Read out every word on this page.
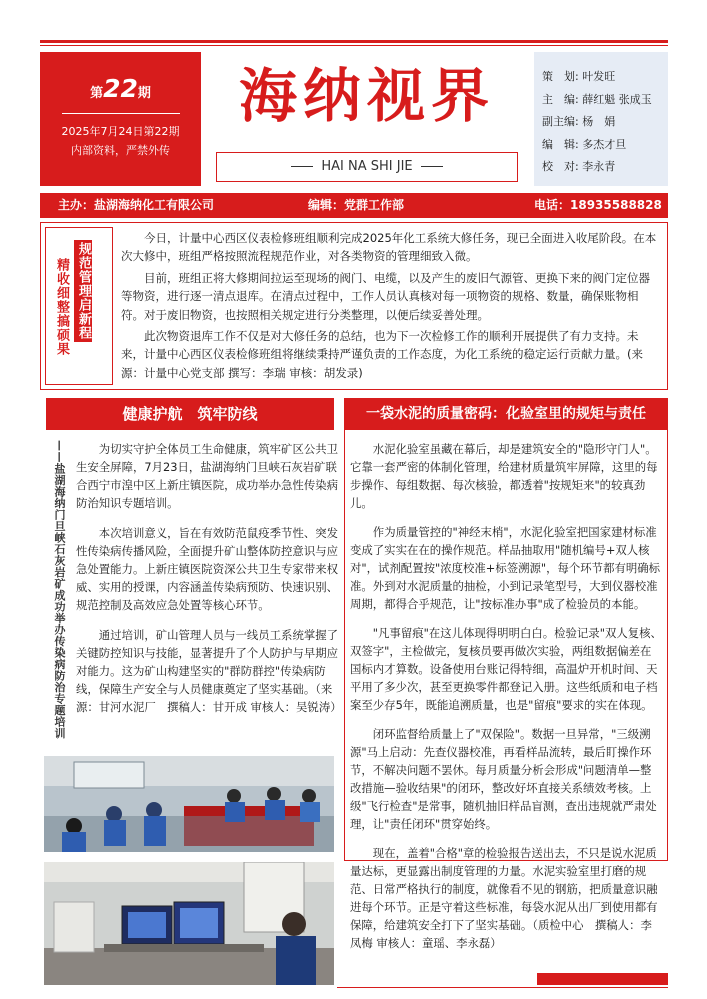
第22期
2025年7月24日第22期
内部资料，严禁外传
海纳视界
HAI NA SHI JIE
策　划: 叶发旺
主　编: 薛红魁 张成玉
副主编: 杨　娟
编　辑: 多杰才旦
校　对: 李永青
主办：盐湖海纳化工有限公司	编辑：党群工作部	电话：18935588828
精收细整搞硕果 规范管理启新程

今日，计量中心西区仪表检修班组顺利完成2025年化工系统大修任务，现已全面进入收尾阶段。在本次大修中，班组严格按照流程规范作业，对各类物资的管理细致入微。

目前，班组正将大修期间拉运至现场的阀门、电缆，以及产生的废旧气源管、更换下来的阀门定位器等物资，进行逐一清点退库。在清点过程中，工作人员认真核对每一项物资的规格、数量，确保账物相符。对于废旧物资，也按照相关规定进行分类整理，以便后续妥善处理。

此次物资退库工作不仅是对大修任务的总结，也为下一次检修工作的顺利开展提供了有力支持。未来，计量中心西区仪表检修班组将继续秉持严谨负责的工作态度，为化工系统的稳定运行贡献力量。(来源：计量中心党支部 撰写：李瑞 审核：胡发录)

健康护航　筑牢防线	一袋水泥的质量密码：化验室里的规矩与责任
——盐湖海纳门旦峡石灰岩矿成功举办传染病防治专题培训	为切实守护全体员工生命健康，筑牢矿区公共卫生安全屏障，7月23日，盐湖海纳门旦峡石灰岩矿联合西宁市湟中区上新庄镇医院，成功举办急性传染病防治知识专题培训。

本次培训意义，旨在有效防范鼠疫季节性、突发性传染病传播风险，全面提升矿山整体防控意识与应急处置能力。上新庄镇医院资深公共卫生专家带来权威、实用的授课，内容涵盖传染病预防、快速识别、规范控制及高效应急处置等核心环节。

通过培训，矿山管理人员与一线员工系统掌握了关键防控知识与技能，显著提升了个人防护与早期应对能力。这为矿山构建坚实的"群防群控"传染病防线，保障生产安全与人员健康奠定了坚实基础。（来源：甘河水泥厂　撰稿人：甘开成 审核人：吴锐涛）

水泥化验室虽藏在幕后，却是建筑安全的"隐形守门人"。它靠一套严密的体制化管理，给建材质量筑牢屏障，这里的每步操作、每组数据、每次核验，都透着"按规矩来"的较真劲儿。

作为质量管控的"神经末梢"，水泥化验室把国家建材标准变成了实实在在的操作规范。样品抽取用"随机编号+双人核对"，试剂配置按"浓度校准+标签溯源"，每个环节都有明确标准。外到对水泥质量的抽检，小到记录笔型号，大到仪器校准周期，都得合乎规范，让"按标准办事"成了检验员的本能。

"凡事留痕"在这儿体现得明明白白。检验记录"双人复核、双签字"，主检做完，复核员要再做次实验，两组数据偏差在国标内才算数。设备使用台账记得特细，高温炉开机时间、天平用了多少次，甚至更换零件都登记入册。这些纸质和电子档案至少存5年，既能追溯质量，也是"留痕"要求的实在体现。

闭环监督给质量上了"双保险"。数据一旦异常，"三级溯源"马上启动：先查仪器校准，再看样品流转，最后盯操作环节，不解决问题不罢休。每月质量分析会形成"问题清单—整改措施—验收结果"的闭环，整改好坏直接关系绩效考核。上级"飞行检查"是常事，随机抽旧样品盲测，查出违规就严肃处理，让"责任闭环"贯穿始终。

现在，盖着"合格"章的检验报告送出去，不只是说水泥质量达标，更显露出制度管理的力量。水泥实验室里打磨的规范、日常严格执行的制度，就像看不见的钢筋，把质量意识融进每个环节。正是守着这些标准，每袋水泥从出厂到使用都有保障，给建筑安全打下了坚实基础。（质检中心　撰稿人：李凤梅 审核人：童瑶、李永磊）
